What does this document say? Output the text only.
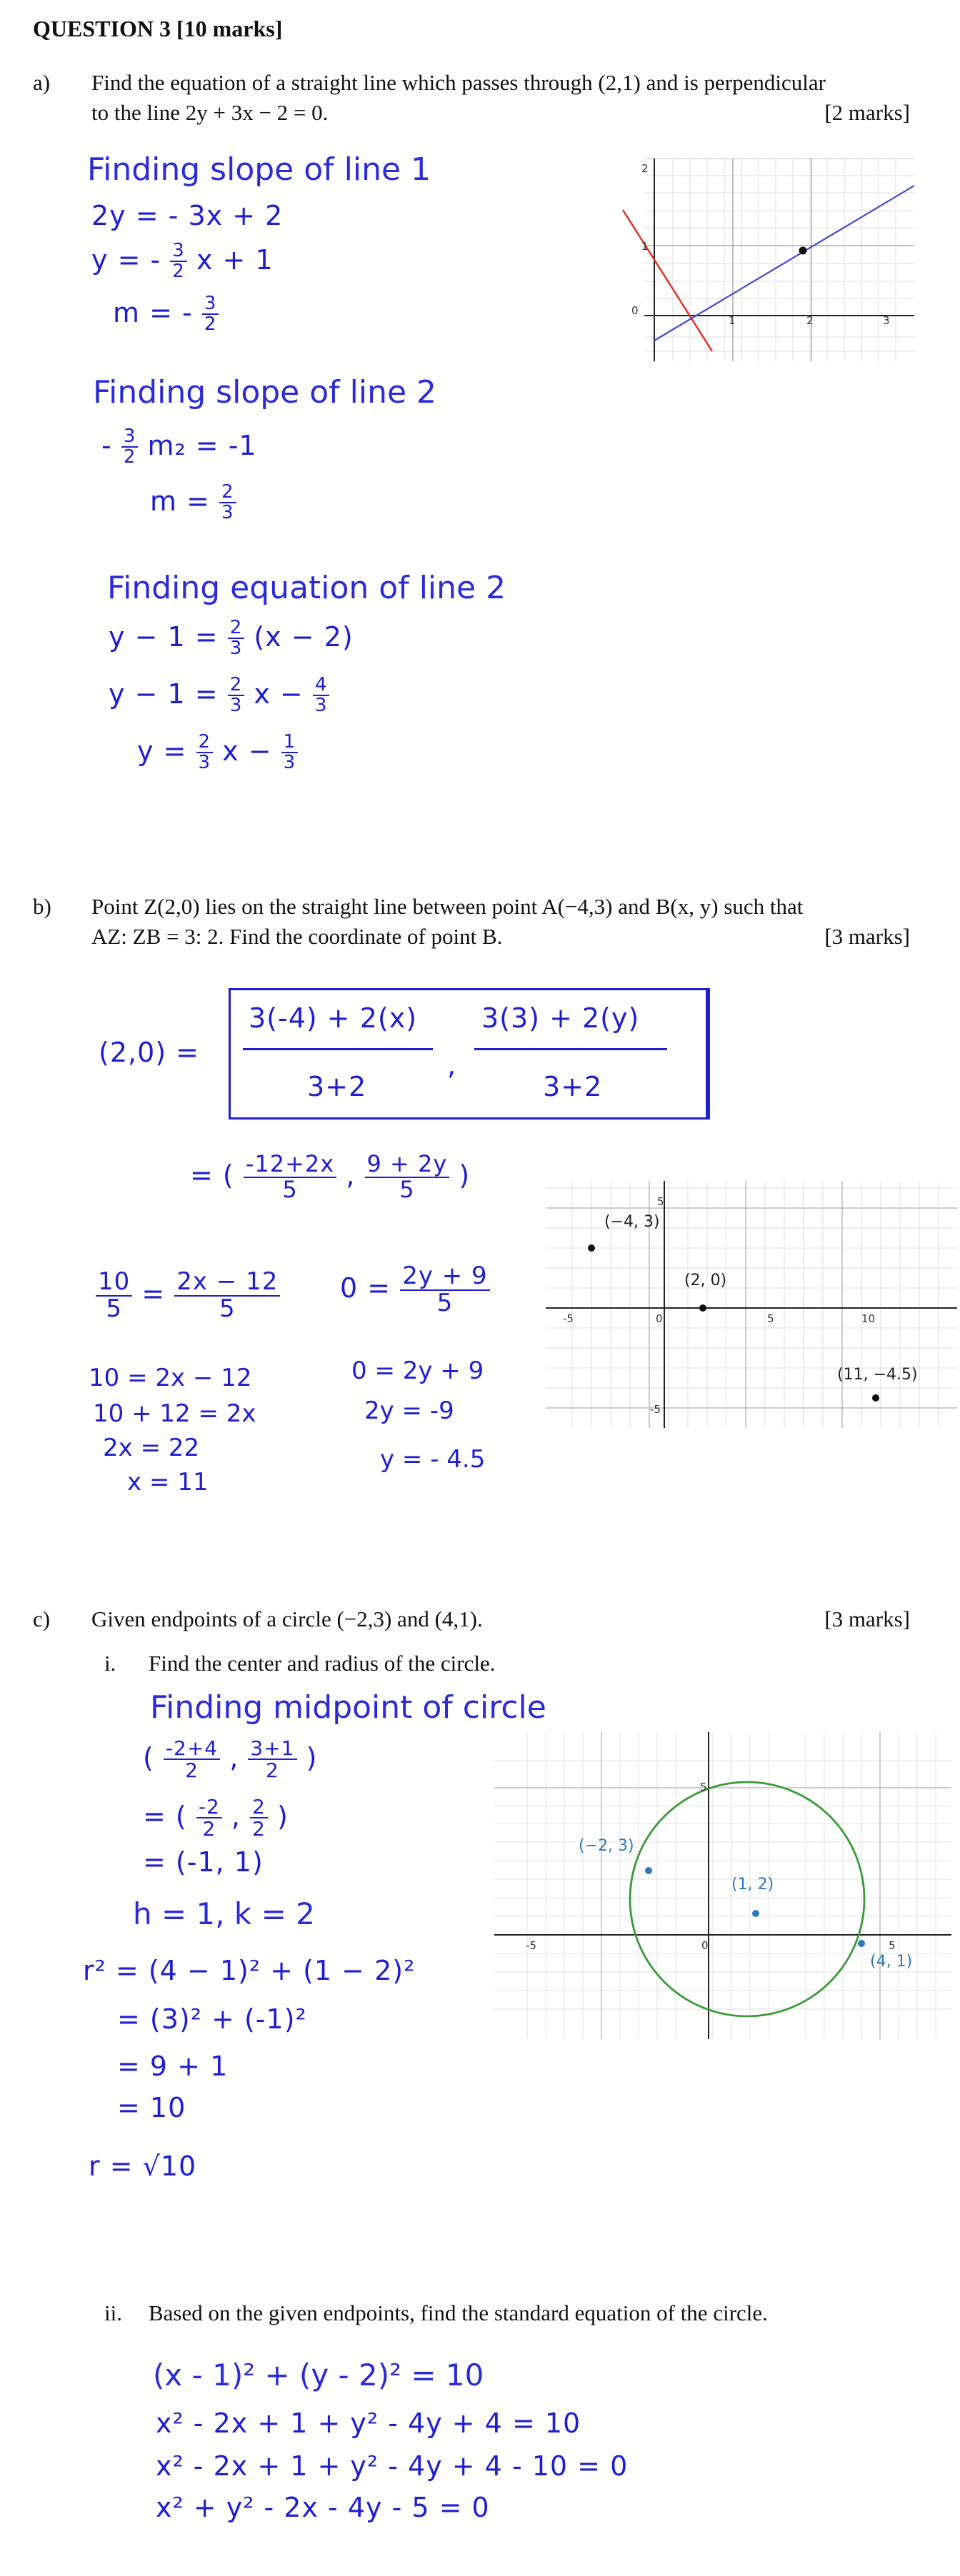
QUESTION 3 [10 marks]
a) Find the equation of a straight line which passes through (2,1) and is perpendicular
to the line 2y + 3x − 2 = 0.	[2 marks]
Finding slope of line 1
2y = - 3x + 2
y = - $\frac{3}{2}$ x + 1
m = - $\frac{3}{2}$	0
1	2	3
1
2
Finding slope of line 2
- $\frac{3}{2} m_2 = -1$
$m = \frac{2}{3}$
Finding equation of line 2
$y - 1 = \frac{2}{3} (x - 2)$
$y - 1 = \frac{2}{3}$ $x - \frac{4}{3}$
$y = \frac{2}{3}$ $x - \frac{1}{3}$
b) Point Z(2,0) lies on the straight line between point A(−4,3) and B(x, y) such that
AZ: ZB = 3: 2. Find the coordinate of point B.	[3 marks]
(2,0) =
3(-4) + 2(x)
3+2
,
3(3) + 2(y)
3+2
= ( $\frac{-12+2x}{5}$ , $\frac{9 + 2y}{5}$ )
$\frac{10}{5} = \frac{2x - 12}{5} 0 = \frac{2y + 9}{5}$
10 = 2x − 12
10 + 12 = 2x
2x = 22
x = 11
0 = 2y + 9
2y = -9
y = - 4.5
(−4, 3)
(2, 0)
(11, −4.5)
-5	0	5	10
5
-5
c) Given endpoints of a circle (−2,3) and (4,1).	[3 marks]
i. Find the center and radius of the circle.
Finding midpoint of circle
( $\frac{-2+4}{2}$ , $\frac{3+1}{2}$ )
= ( $\frac{-2}{2}$ , $\frac{2}{2}$ )
= (-1, 1)
h = 1, k = 2
r² = (4 − 1)² + (1 − 2)²
= (3)² + (-1)²
= 9 + 1
= 10
r = √10
(−2, 3)
(1, 2)
(4, 1)
-5	0	5
5
ii. Based on the given endpoints, find the standard equation of the circle.
(x - 1)² + (y - 2)² = 10
x² - 2x + 1 + y² - 4y + 4 = 10
x² - 2x + 1 + y² - 4y + 4 - 10 = 0
x² + y² - 2x - 4y - 5 = 0
